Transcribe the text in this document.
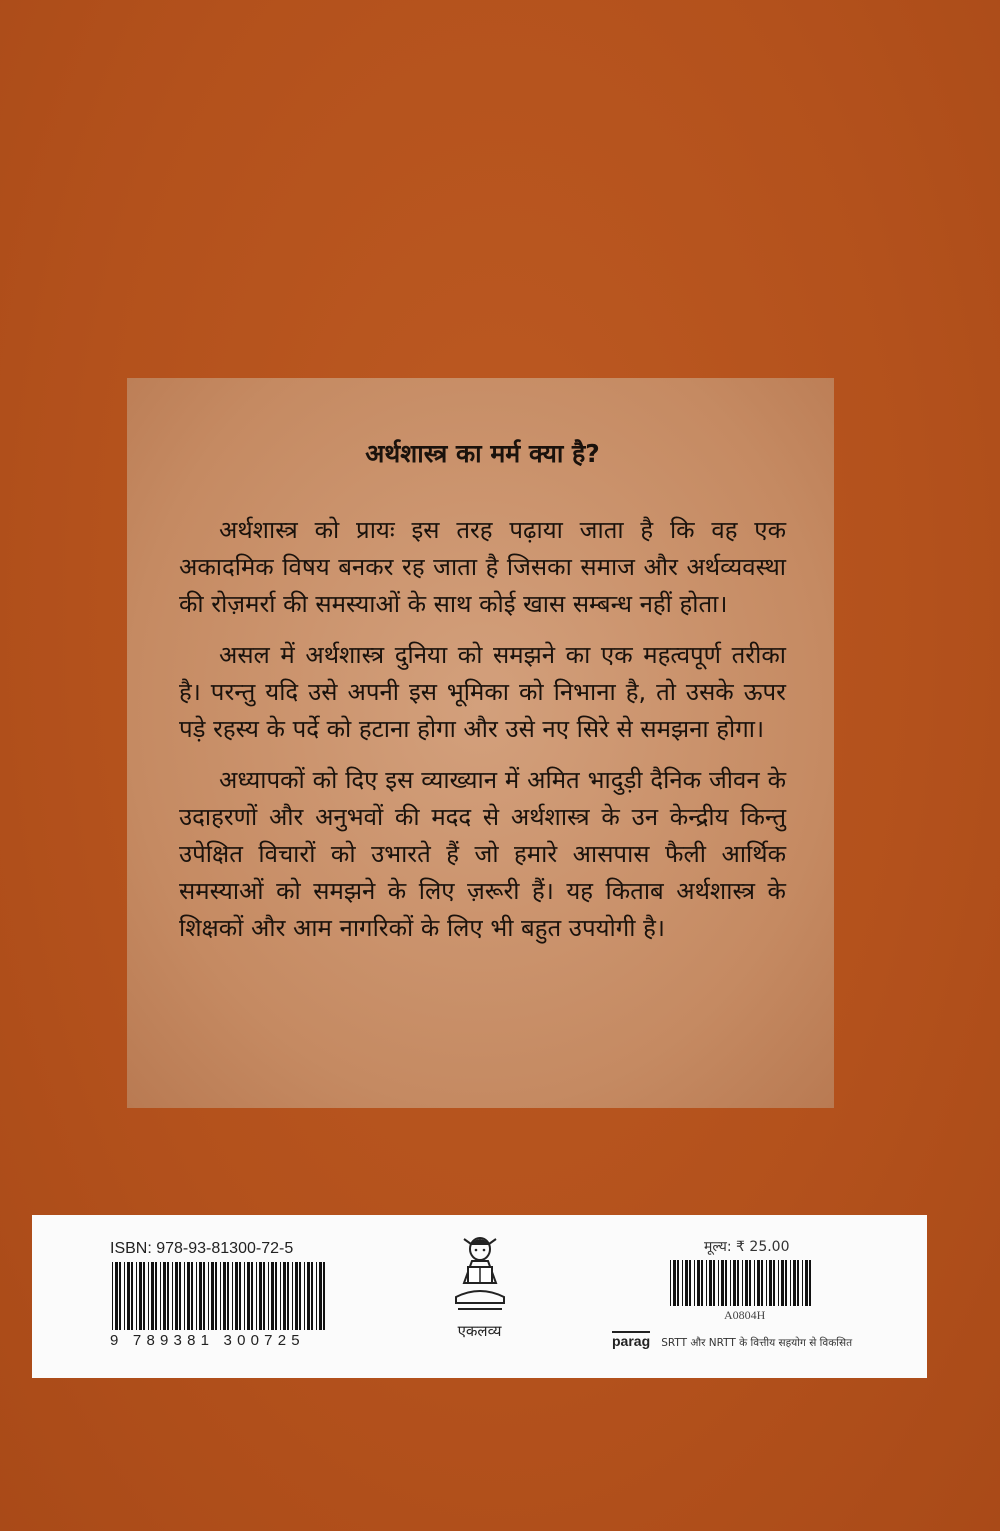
अर्थशास्त्र का मर्म क्या है?

अर्थशास्त्र को प्रायः इस तरह पढ़ाया जाता है कि वह एक अकादमिक विषय बनकर रह जाता है जिसका समाज और अर्थव्यवस्था की रोज़मर्रा की समस्याओं के साथ कोई खास सम्बन्ध नहीं होता।

असल में अर्थशास्त्र दुनिया को समझने का एक महत्वपूर्ण तरीका है। परन्तु यदि उसे अपनी इस भूमिका को निभाना है, तो उसके ऊपर पड़े रहस्य के पर्दे को हटाना होगा और उसे नए सिरे से समझना होगा।

अध्यापकों को दिए इस व्याख्यान में अमित भादुड़ी दैनिक जीवन के उदाहरणों और अनुभवों की मदद से अर्थशास्त्र के उन केन्द्रीय किन्तु उपेक्षित विचारों को उभारते हैं जो हमारे आसपास फैली आर्थिक समस्याओं को समझने के लिए ज़रूरी हैं। यह किताब अर्थशास्त्र के शिक्षकों और आम नागरिकों के लिए भी बहुत उपयोगी है।

ISBN: 978-93-81300-72-5
9 789381 300725
एकलव्य
मूल्य: ₹ 25.00
A0804H
parag SRTT और NRTT के वित्तीय सहयोग से विकसित
